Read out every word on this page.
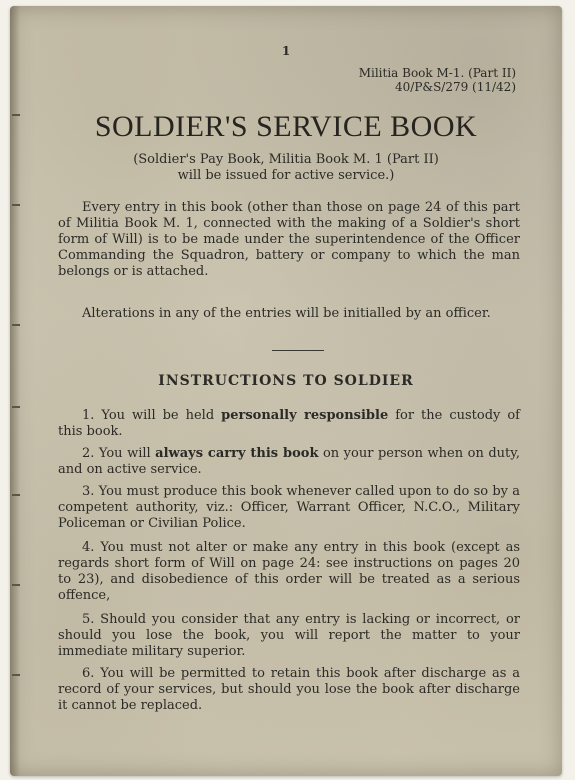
1
Militia Book M-1. (Part II)
40/P&S/279 (11/42)
SOLDIER'S SERVICE BOOK
(Soldier's Pay Book, Militia Book M. 1 (Part II)
will be issued for active service.)
Every entry in this book (other than those on page 24 of this part of Militia Book M. 1, connected with the making of a Soldier's short form of Will) is to be made under the superintendence of the Officer Commanding the Squadron, battery or company to which the man belongs or is attached.
Alterations in any of the entries will be initialled by an officer.
INSTRUCTIONS TO SOLDIER
1. You will be held personally responsible for the custody of this book.
2. You will always carry this book on your person when on duty, and on active service.
3. You must produce this book whenever called upon to do so by a competent authority, viz.: Officer, Warrant Officer, N.C.O., Military Policeman or Civilian Police.
4. You must not alter or make any entry in this book (except as regards short form of Will on page 24: see instructions on pages 20 to 23), and disobedience of this order will be treated as a serious offence,
5. Should you consider that any entry is lacking or incorrect, or should you lose the book, you will report the matter to your immediate military superior.
6. You will be permitted to retain this book after discharge as a record of your services, but should you lose the book after discharge it cannot be replaced.
